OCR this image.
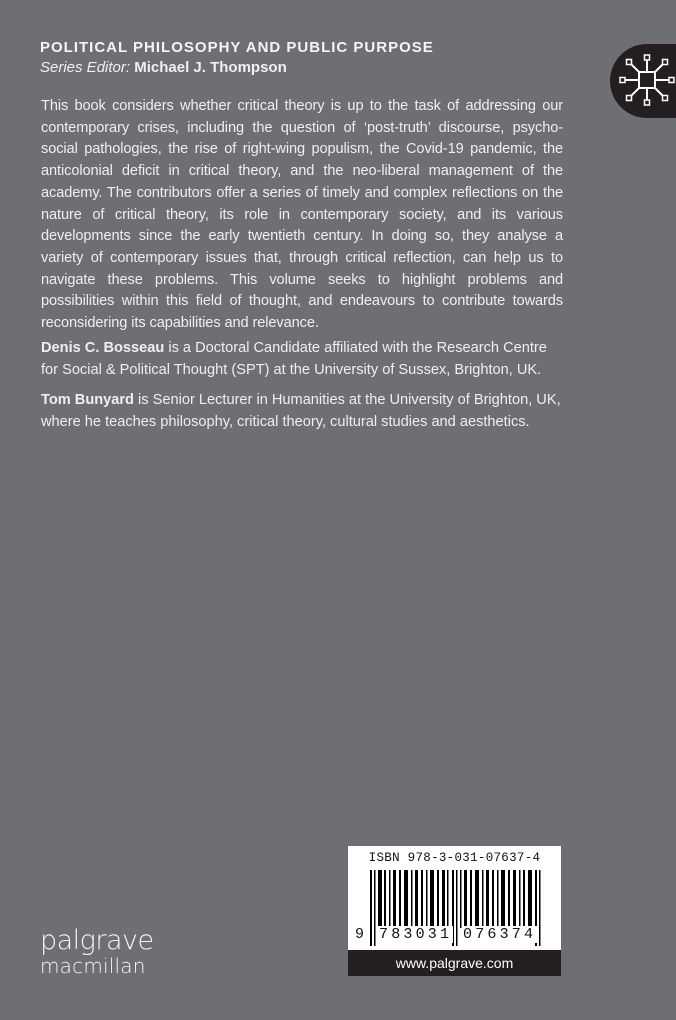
POLITICAL PHILOSOPHY AND PUBLIC PURPOSE
Series Editor: Michael J. Thompson

This book considers whether critical theory is up to the task of addressing our contemporary crises, including the question of ‘post-truth’ discourse, psycho-social pathologies, the rise of right-wing populism, the Covid-19 pandemic, the anticolonial deficit in critical theory, and the neo-liberal management of the academy. The contributors offer a series of timely and complex reflections on the nature of critical theory, its role in contemporary society, and its various developments since the early twentieth century. In doing so, they analyse a variety of contemporary issues that, through critical reflection, can help us to navigate these problems. This volume seeks to highlight problems and possibilities within this field of thought, and endeavours to contribute towards reconsidering its capabilities and relevance.

Denis C. Bosseau is a Doctoral Candidate affiliated with the Research Centre for Social & Political Thought (SPT) at the University of Sussex, Brighton, UK.

Tom Bunyard is Senior Lecturer in Humanities at the University of Brighton, UK, where he teaches philosophy, critical theory, cultural studies and aesthetics.

ISBN 978-3-031-07637-4
9 783031 076374
www.palgrave.com
palgrave
macmillan
